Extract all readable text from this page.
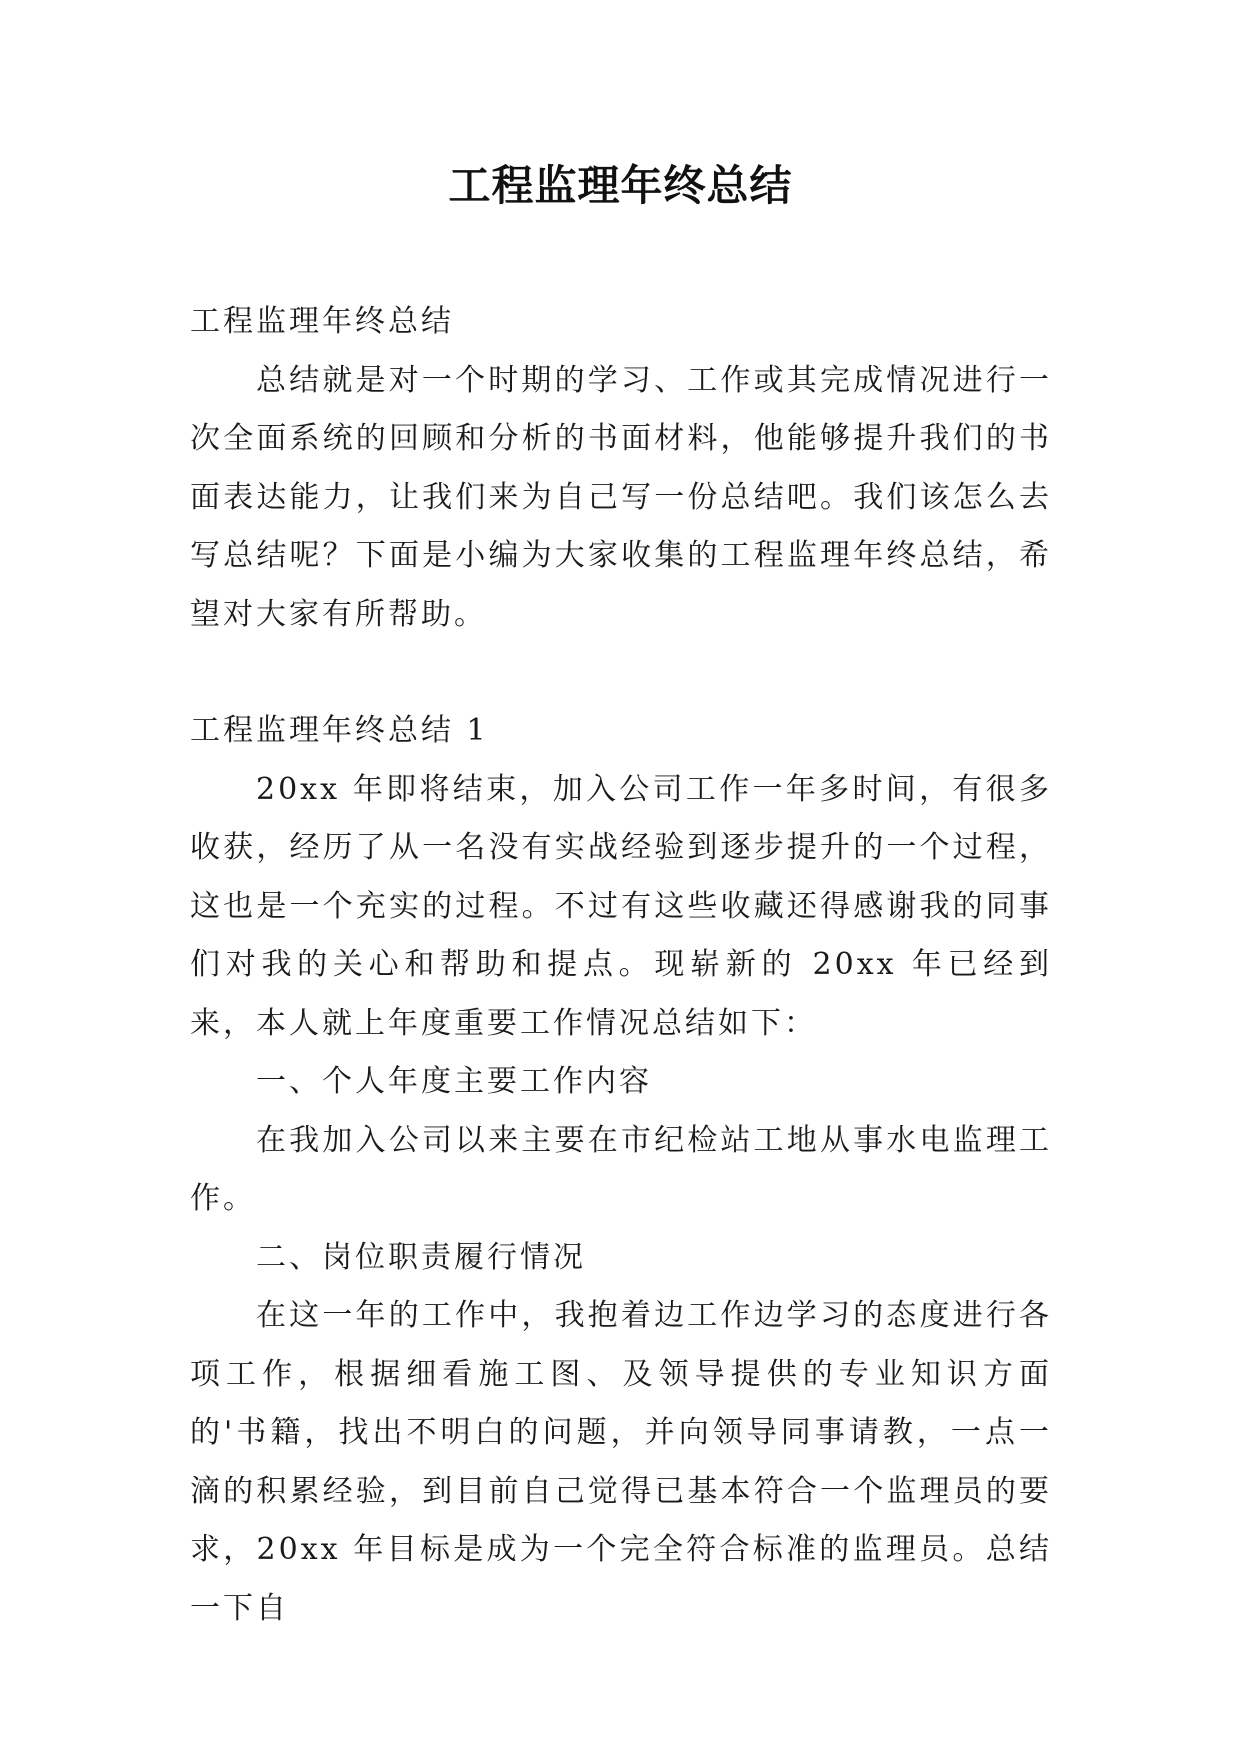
工程监理年终总结

工程监理年终总结

总结就是对一个时期的学习、工作或其完成情况进行一次全面系统的回顾和分析的书面材料，他能够提升我们的书面表达能力，让我们来为自己写一份总结吧。我们该怎么去写总结呢？下面是小编为大家收集的工程监理年终总结，希望对大家有所帮助。

工程监理年终总结 1

20xx 年即将结束，加入公司工作一年多时间，有很多收获，经历了从一名没有实战经验到逐步提升的一个过程，这也是一个充实的过程。不过有这些收藏还得感谢我的同事们对我的关心和帮助和提点。现崭新的 20xx 年已经到来，本人就上年度重要工作情况总结如下：

一、个人年度主要工作内容

在我加入公司以来主要在市纪检站工地从事水电监理工作。

二、岗位职责履行情况

在这一年的工作中，我抱着边工作边学习的态度进行各项工作，根据细看施工图、及领导提供的专业知识方面的'书籍，找出不明白的问题，并向领导同事请教，一点一滴的积累经验，到目前自己觉得已基本符合一个监理员的要求，20xx 年目标是成为一个完全符合标准的监理员。总结一下自
